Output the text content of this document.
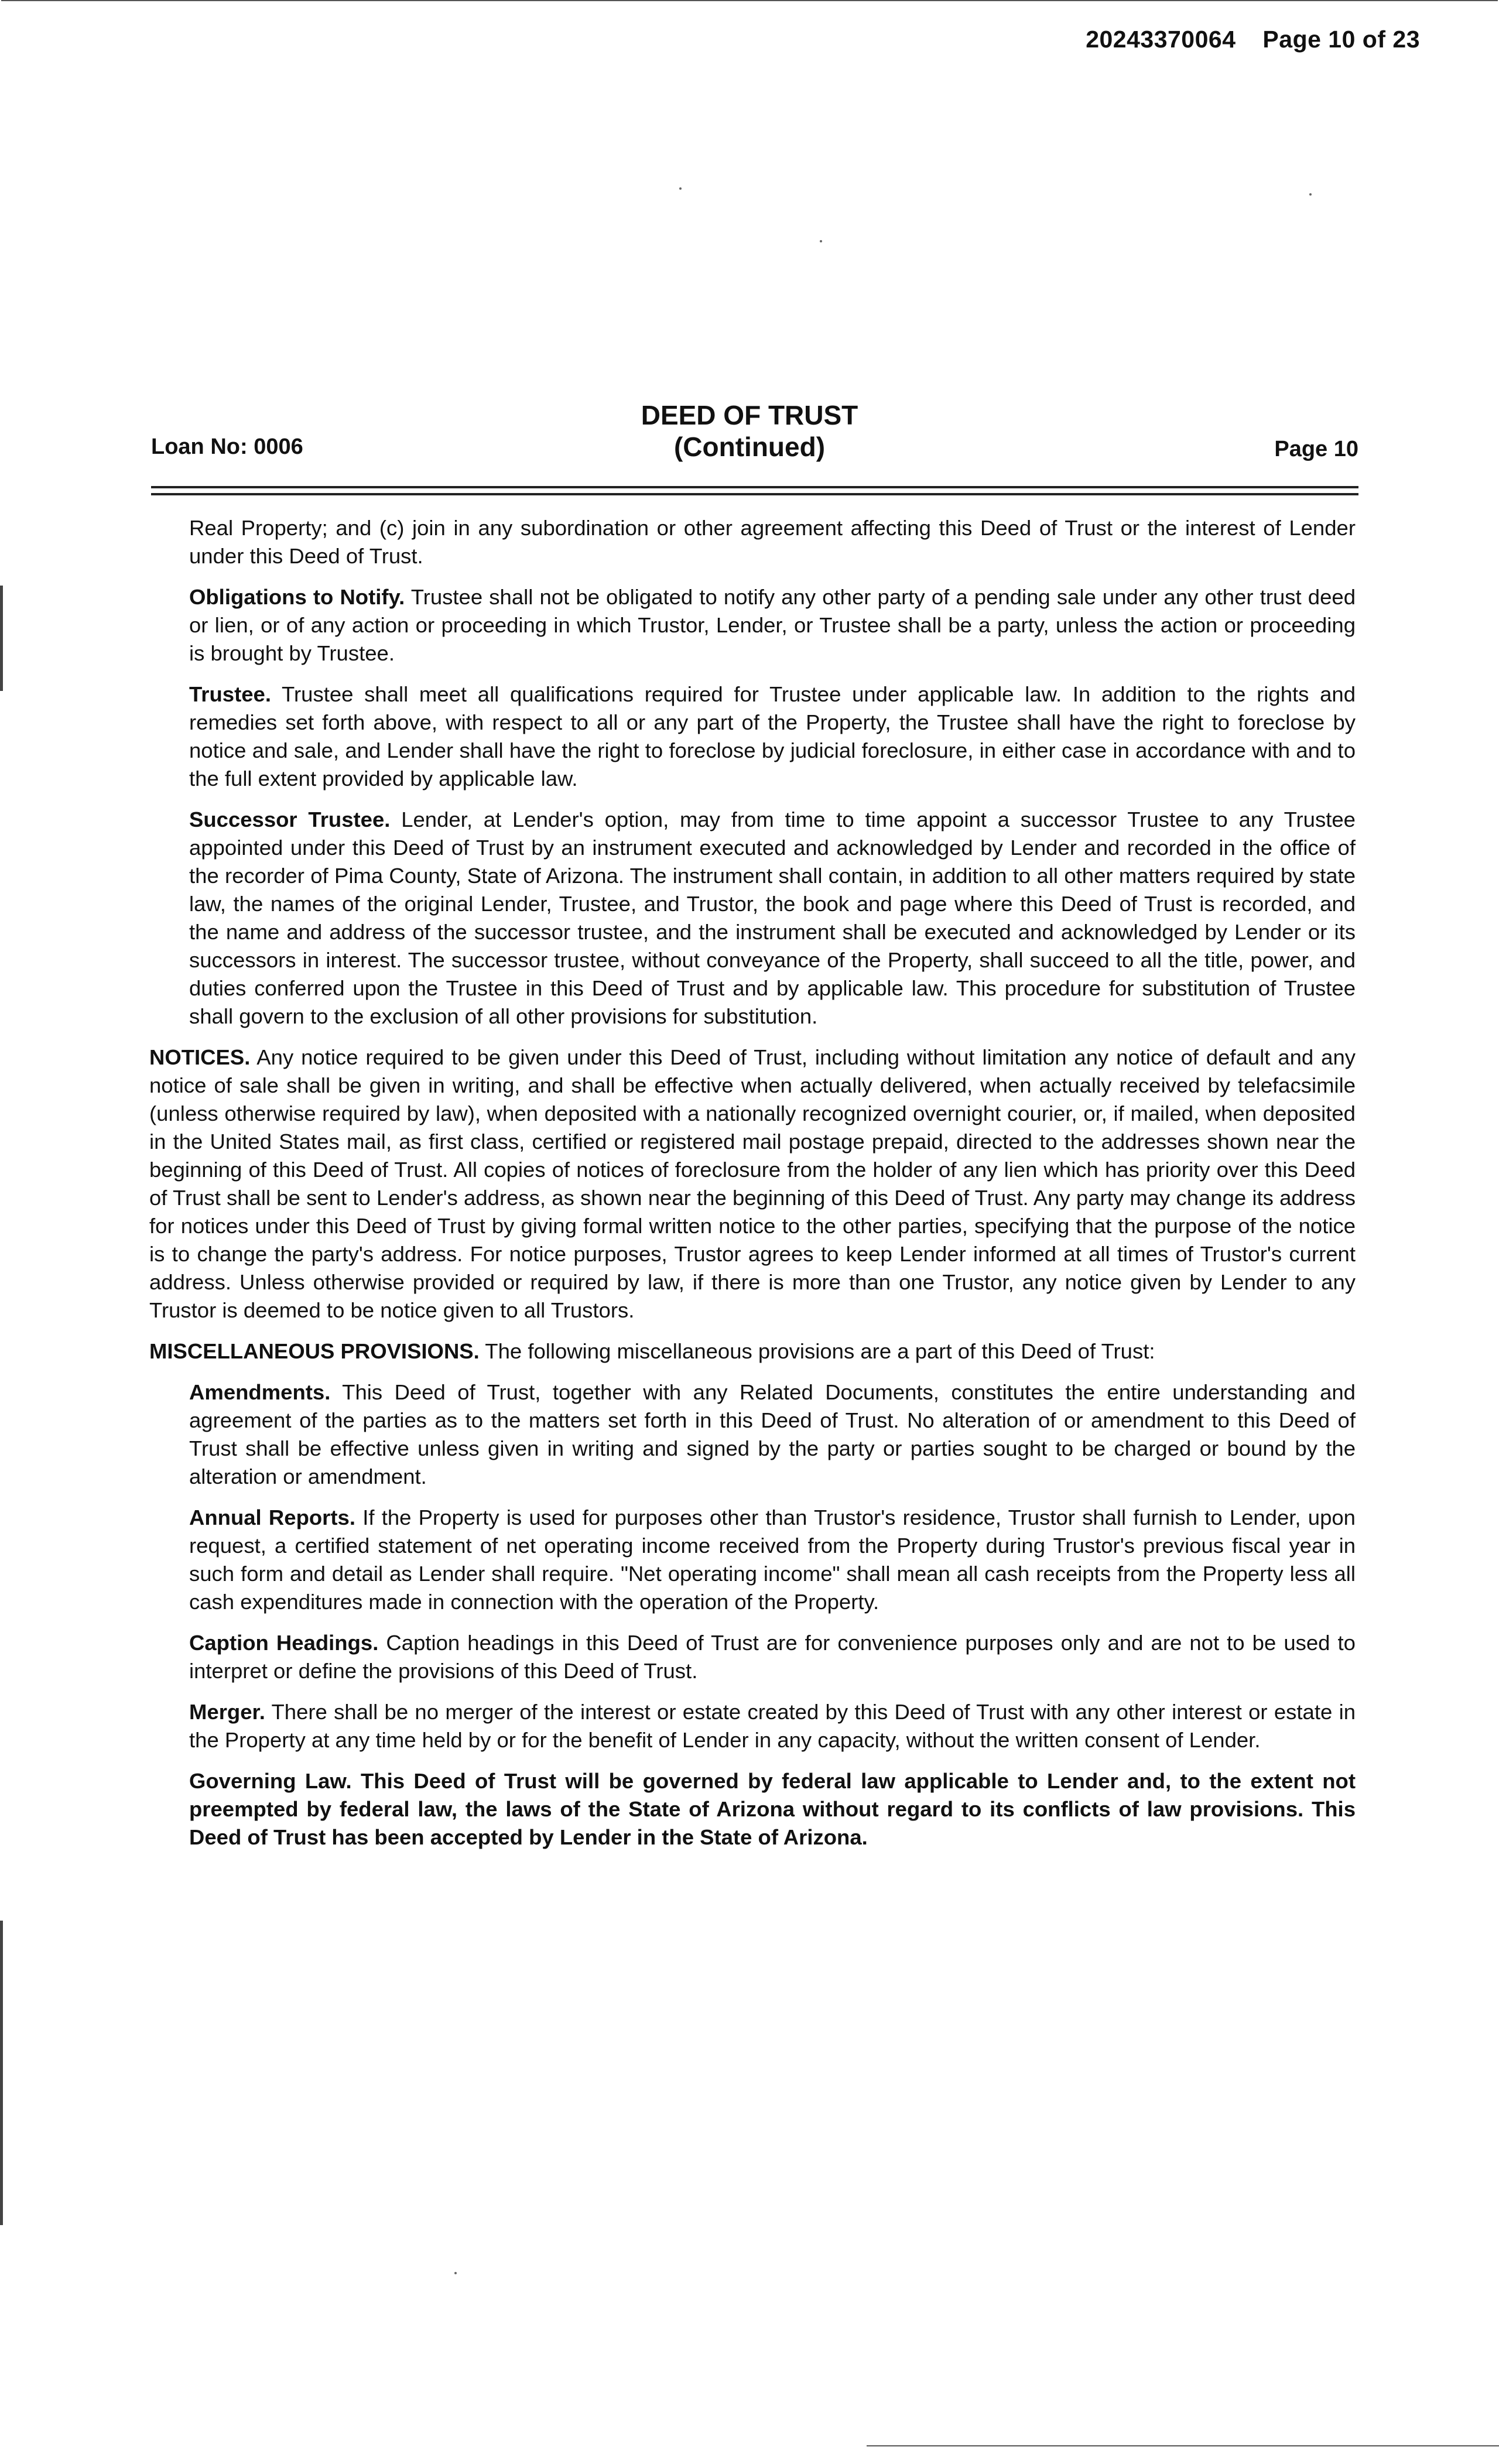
20243370064 Page 10 of 23
DEED OF TRUST
(Continued)
Loan No: 0006	Page 10

Real Property; and (c) join in any subordination or other agreement affecting this Deed of Trust or the interest of Lender under this Deed of Trust.

Obligations to Notify. Trustee shall not be obligated to notify any other party of a pending sale under any other trust deed or lien, or of any action or proceeding in which Trustor, Lender, or Trustee shall be a party, unless the action or proceeding is brought by Trustee.

Trustee. Trustee shall meet all qualifications required for Trustee under applicable law. In addition to the rights and remedies set forth above, with respect to all or any part of the Property, the Trustee shall have the right to foreclose by notice and sale, and Lender shall have the right to foreclose by judicial foreclosure, in either case in accordance with and to the full extent provided by applicable law.

Successor Trustee. Lender, at Lender's option, may from time to time appoint a successor Trustee to any Trustee appointed under this Deed of Trust by an instrument executed and acknowledged by Lender and recorded in the office of the recorder of Pima County, State of Arizona. The instrument shall contain, in addition to all other matters required by state law, the names of the original Lender, Trustee, and Trustor, the book and page where this Deed of Trust is recorded, and the name and address of the successor trustee, and the instrument shall be executed and acknowledged by Lender or its successors in interest. The successor trustee, without conveyance of the Property, shall succeed to all the title, power, and duties conferred upon the Trustee in this Deed of Trust and by applicable law. This procedure for substitution of Trustee shall govern to the exclusion of all other provisions for substitution.

NOTICES. Any notice required to be given under this Deed of Trust, including without limitation any notice of default and any notice of sale shall be given in writing, and shall be effective when actually delivered, when actually received by telefacsimile (unless otherwise required by law), when deposited with a nationally recognized overnight courier, or, if mailed, when deposited in the United States mail, as first class, certified or registered mail postage prepaid, directed to the addresses shown near the beginning of this Deed of Trust. All copies of notices of foreclosure from the holder of any lien which has priority over this Deed of Trust shall be sent to Lender's address, as shown near the beginning of this Deed of Trust. Any party may change its address for notices under this Deed of Trust by giving formal written notice to the other parties, specifying that the purpose of the notice is to change the party's address. For notice purposes, Trustor agrees to keep Lender informed at all times of Trustor's current address. Unless otherwise provided or required by law, if there is more than one Trustor, any notice given by Lender to any Trustor is deemed to be notice given to all Trustors.

MISCELLANEOUS PROVISIONS. The following miscellaneous provisions are a part of this Deed of Trust:

Amendments. This Deed of Trust, together with any Related Documents, constitutes the entire understanding and agreement of the parties as to the matters set forth in this Deed of Trust. No alteration of or amendment to this Deed of Trust shall be effective unless given in writing and signed by the party or parties sought to be charged or bound by the alteration or amendment.

Annual Reports. If the Property is used for purposes other than Trustor's residence, Trustor shall furnish to Lender, upon request, a certified statement of net operating income received from the Property during Trustor's previous fiscal year in such form and detail as Lender shall require. "Net operating income" shall mean all cash receipts from the Property less all cash expenditures made in connection with the operation of the Property.

Caption Headings. Caption headings in this Deed of Trust are for convenience purposes only and are not to be used to interpret or define the provisions of this Deed of Trust.

Merger. There shall be no merger of the interest or estate created by this Deed of Trust with any other interest or estate in the Property at any time held by or for the benefit of Lender in any capacity, without the written consent of Lender.

Governing Law. This Deed of Trust will be governed by federal law applicable to Lender and, to the extent not preempted by federal law, the laws of the State of Arizona without regard to its conflicts of law provisions. This Deed of Trust has been accepted by Lender in the State of Arizona.
